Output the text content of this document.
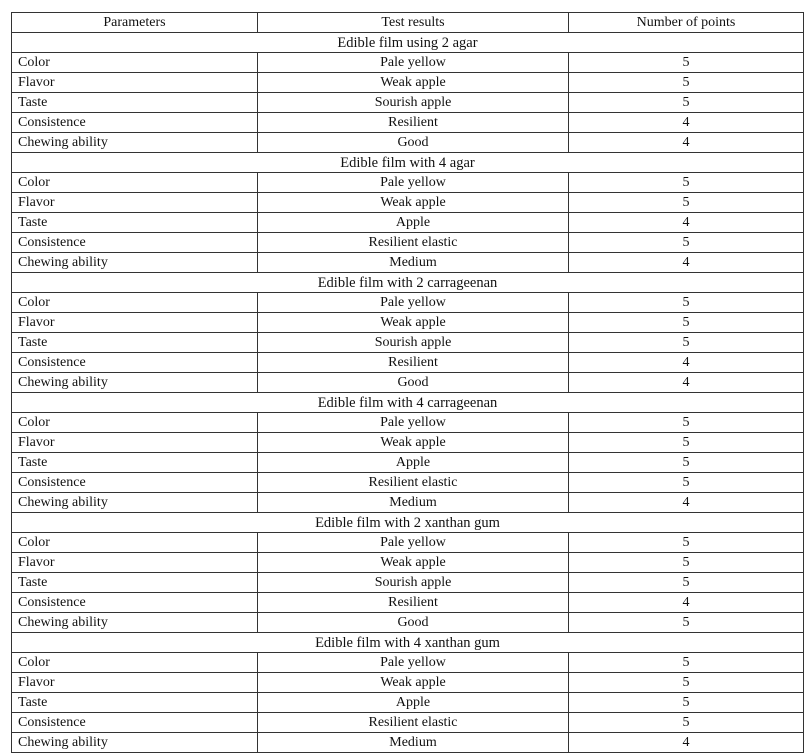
Parameters	Test results	Number of points
Edible film using 2 agar		
Color	Pale yellow	5
Flavor	Weak apple	5
Taste	Sourish apple	5
Consistence	Resilient	4
Chewing ability	Good	4
Edible film with 4 agar		
Color	Pale yellow	5
Flavor	Weak apple	5
Taste	Apple	4
Consistence	Resilient elastic	5
Chewing ability	Medium	4
Edible film with 2 carrageenan		
Color	Pale yellow	5
Flavor	Weak apple	5
Taste	Sourish apple	5
Consistence	Resilient	4
Chewing ability	Good	4
Edible film with 4 carrageenan		
Color	Pale yellow	5
Flavor	Weak apple	5
Taste	Apple	5
Consistence	Resilient elastic	5
Chewing ability	Medium	4
Edible film with 2 xanthan gum		
Color	Pale yellow	5
Flavor	Weak apple	5
Taste	Sourish apple	5
Consistence	Resilient	4
Chewing ability	Good	5
Edible film with 4 xanthan gum		
Color	Pale yellow	5
Flavor	Weak apple	5
Taste	Apple	5
Consistence	Resilient elastic	5
Chewing ability	Medium	4
